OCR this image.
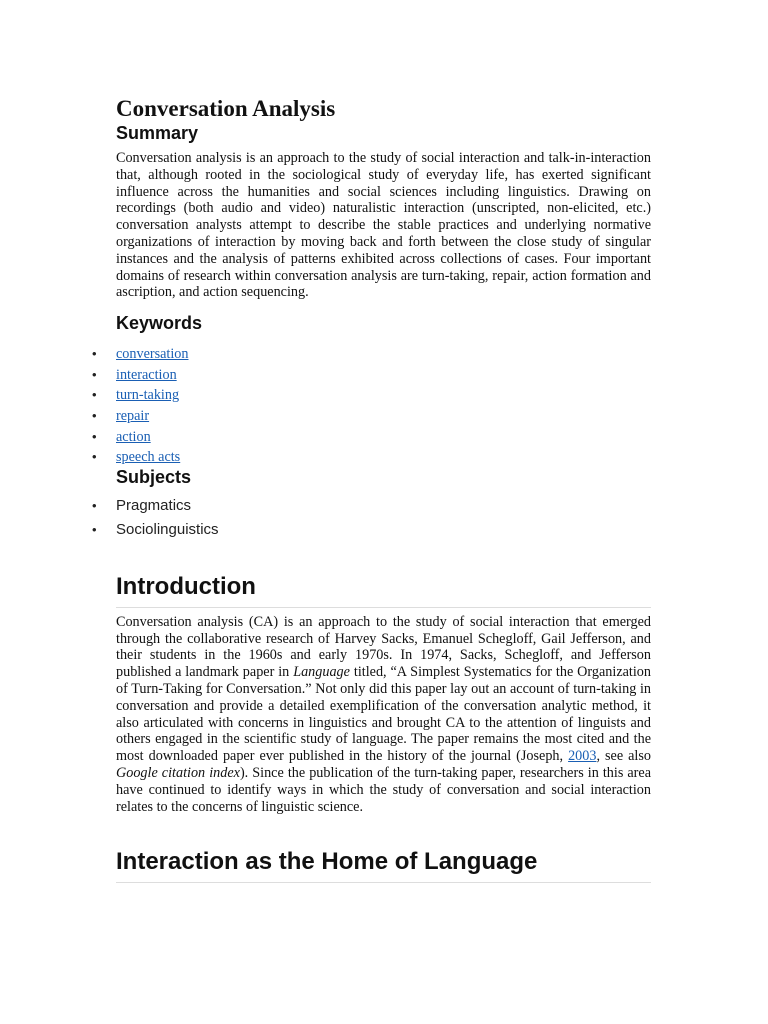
Conversation Analysis
Summary

Conversation analysis is an approach to the study of social interaction and talk-in-interaction that, although rooted in the sociological study of everyday life, has exerted significant influence across the humanities and social sciences including linguistics. Drawing on recordings (both audio and video) naturalistic interaction (unscripted, non-elicited, etc.) conversation analysts attempt to describe the stable practices and underlying normative organizations of interaction by moving back and forth between the close study of singular instances and the analysis of patterns exhibited across collections of cases. Four important domains of research within conversation analysis are turn-taking, repair, action formation and ascription, and action sequencing.

Keywords
• conversation
• interaction
• turn-taking
• repair
• action
• speech acts
Subjects
• Pragmatics
• Sociolinguistics
Introduction

Conversation analysis (CA) is an approach to the study of social interaction that emerged through the collaborative research of Harvey Sacks, Emanuel Schegloff, Gail Jefferson, and their students in the 1960s and early 1970s. In 1974, Sacks, Schegloff, and Jefferson published a landmark paper in Language titled, “A Simplest Systematics for the Organization of Turn-Taking for Conversation.” Not only did this paper lay out an account of turn-taking in conversation and provide a detailed exemplification of the conversation analytic method, it also articulated with concerns in linguistics and brought CA to the attention of linguists and others engaged in the scientific study of language. The paper remains the most cited and the most downloaded paper ever published in the history of the journal (Joseph, 2003, see also Google citation index). Since the publication of the turn-taking paper, researchers in this area have continued to identify ways in which the study of conversation and social interaction relates to the concerns of linguistic science.

Interaction as the Home of Language
